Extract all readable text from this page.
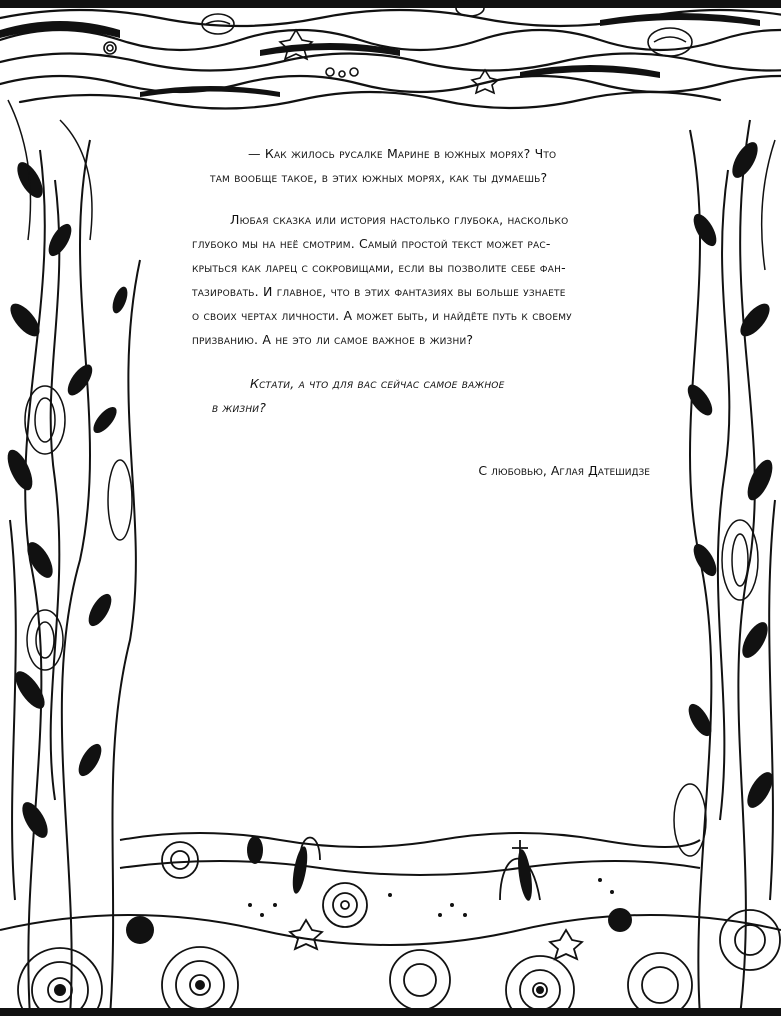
— Как жилось русалке Марине в южных морях? Что
там вообще такое, в этих южных морях, как ты думаешь?
Любая сказка или история настолько глубока, насколько
глубоко мы на неё смотрим. Самый простой текст может рас-
крыться как ларец с сокровищами, если вы позволите себе фан-
тазировать. И главное, что в этих фантазиях вы больше узнаете
о своих чертах личности. А может быть, и найдёте путь к своему
призванию. А не это ли самое важное в жизни?
Кстати, а что для вас сейчас самое важное
в жизни?

С любовью, Аглая Датешидзе
